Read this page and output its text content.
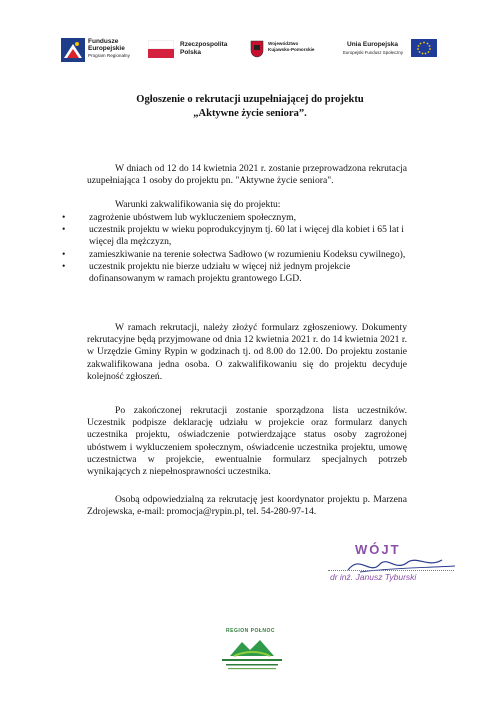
Fundusze
Europejskie
Program Regionalny
Rzeczpospolita
Polska
Województwo
Kujawsko-Pomorskie
Unia Europejska
Europejski Fundusz Społeczny
Ogłoszenie o rekrutacji uzupełniającej do projektu
„Aktywne życie seniora”.
W dniach od 12 do 14 kwietnia 2021 r. zostanie przeprowadzona rekrutacja uzupełniająca 1 osoby do projektu pn. "Aktywne życie seniora".
Warunki zakwalifikowania się do projektu:
• zagrożenie ubóstwem lub wykluczeniem społecznym,
• uczestnik projektu w wieku poprodukcyjnym tj. 60 lat i więcej dla kobiet i 65 lat i więcej dla mężczyzn,
• zamieszkiwanie na terenie sołectwa Sadłowo (w rozumieniu Kodeksu cywilnego),
• uczestnik projektu nie bierze udziału w więcej niż jednym projekcie dofinansowanym w ramach projektu grantowego LGD.
W ramach rekrutacji, należy złożyć formularz zgłoszeniowy. Dokumenty rekrutacyjne będą przyjmowane od dnia 12 kwietnia 2021 r. do 14 kwietnia 2021 r. w Urzędzie Gminy Rypin w godzinach tj. od 8.00 do 12.00. Do projektu zostanie zakwalifikowana jedna osoba. O zakwalifikowaniu się do projektu decyduje kolejność zgłoszeń.
Po zakończonej rekrutacji zostanie sporządzona lista uczestników. Uczestnik podpisze deklarację udziału w projekcie oraz formularz danych uczestnika projektu, oświadczenie potwierdzające status osoby zagrożonej ubóstwem i wykluczeniem społecznym, oświadcenie uczestnika projektu, umowę uczestnictwa w projekcie, ewentualnie formularz specjalnych potrzeb wynikających z niepełnosprawności uczestnika.
Osobą odpowiedzialną za rekrutację jest koordynator projektu p. Marzena Zdrojewska, e-mail: promocja@rypin.pl, tel. 54-280-97-14.
WÓJT
dr inż. Janusz Tyburski
REGION POŁNOC
